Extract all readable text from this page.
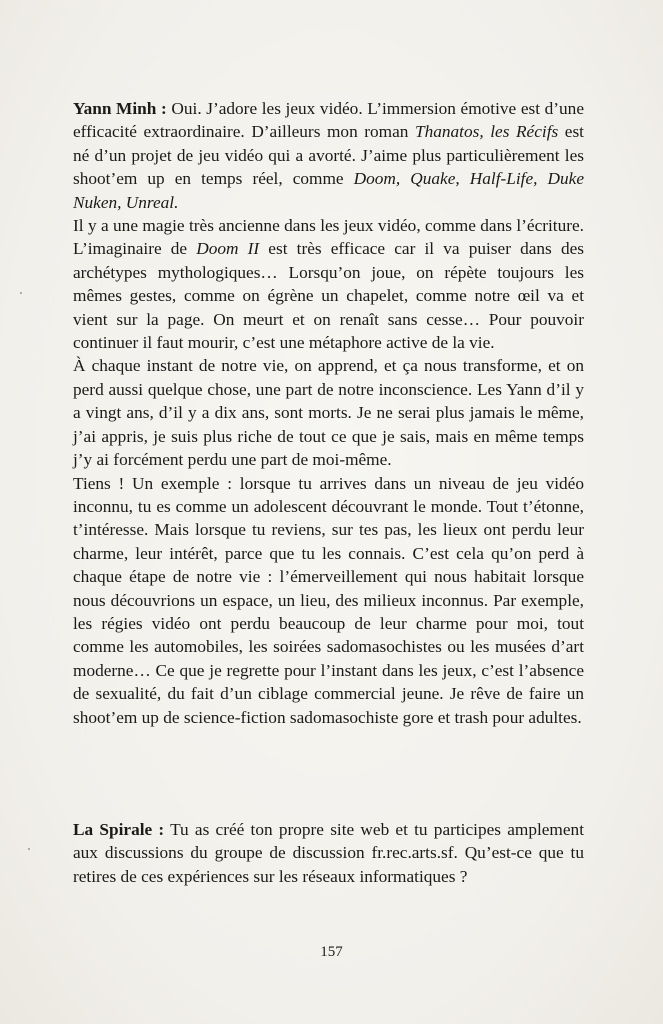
Yann Minh : Oui. J’adore les jeux vidéo. L’immersion émotive est d’une efficacité extraordinaire. D’ailleurs mon roman Thanatos, les Récifs est né d’un projet de jeu vidéo qui a avorté. J’aime plus particulièrement les shoot’em up en temps réel, comme Doom, Quake, Half-Life, Duke Nuken, Unreal.

Il y a une magie très ancienne dans les jeux vidéo, comme dans l’écriture. L’imaginaire de Doom II est très efficace car il va puiser dans des archétypes mythologiques… Lorsqu’on joue, on répète toujours les mêmes gestes, comme on égrène un chapelet, comme notre œil va et vient sur la page. On meurt et on renaît sans cesse… Pour pouvoir continuer il faut mourir, c’est une métaphore active de la vie.

À chaque instant de notre vie, on apprend, et ça nous transforme, et on perd aussi quelque chose, une part de notre inconscience. Les Yann d’il y a vingt ans, d’il y a dix ans, sont morts. Je ne serai plus jamais le même, j’ai appris, je suis plus riche de tout ce que je sais, mais en même temps j’y ai forcément perdu une part de moi-même.

Tiens ! Un exemple : lorsque tu arrives dans un niveau de jeu vidéo inconnu, tu es comme un adolescent découvrant le monde. Tout t’étonne, t’intéresse. Mais lorsque tu reviens, sur tes pas, les lieux ont perdu leur charme, leur intérêt, parce que tu les connais. C’est cela qu’on perd à chaque étape de notre vie : l’émerveillement qui nous habitait lorsque nous découvrions un espace, un lieu, des milieux inconnus. Par exemple, les régies vidéo ont perdu beaucoup de leur charme pour moi, tout comme les automobiles, les soirées sadomasochistes ou les musées d’art moderne… Ce que je regrette pour l’instant dans les jeux, c’est l’absence de sexualité, du fait d’un ciblage commercial jeune. Je rêve de faire un shoot’em up de science-fiction sadomasochiste gore et trash pour adultes.

La Spirale : Tu as créé ton propre site web et tu participes amplement aux discussions du groupe de discussion fr.rec.arts.sf. Qu’est-ce que tu retires de ces expériences sur les réseaux informatiques ?

157
